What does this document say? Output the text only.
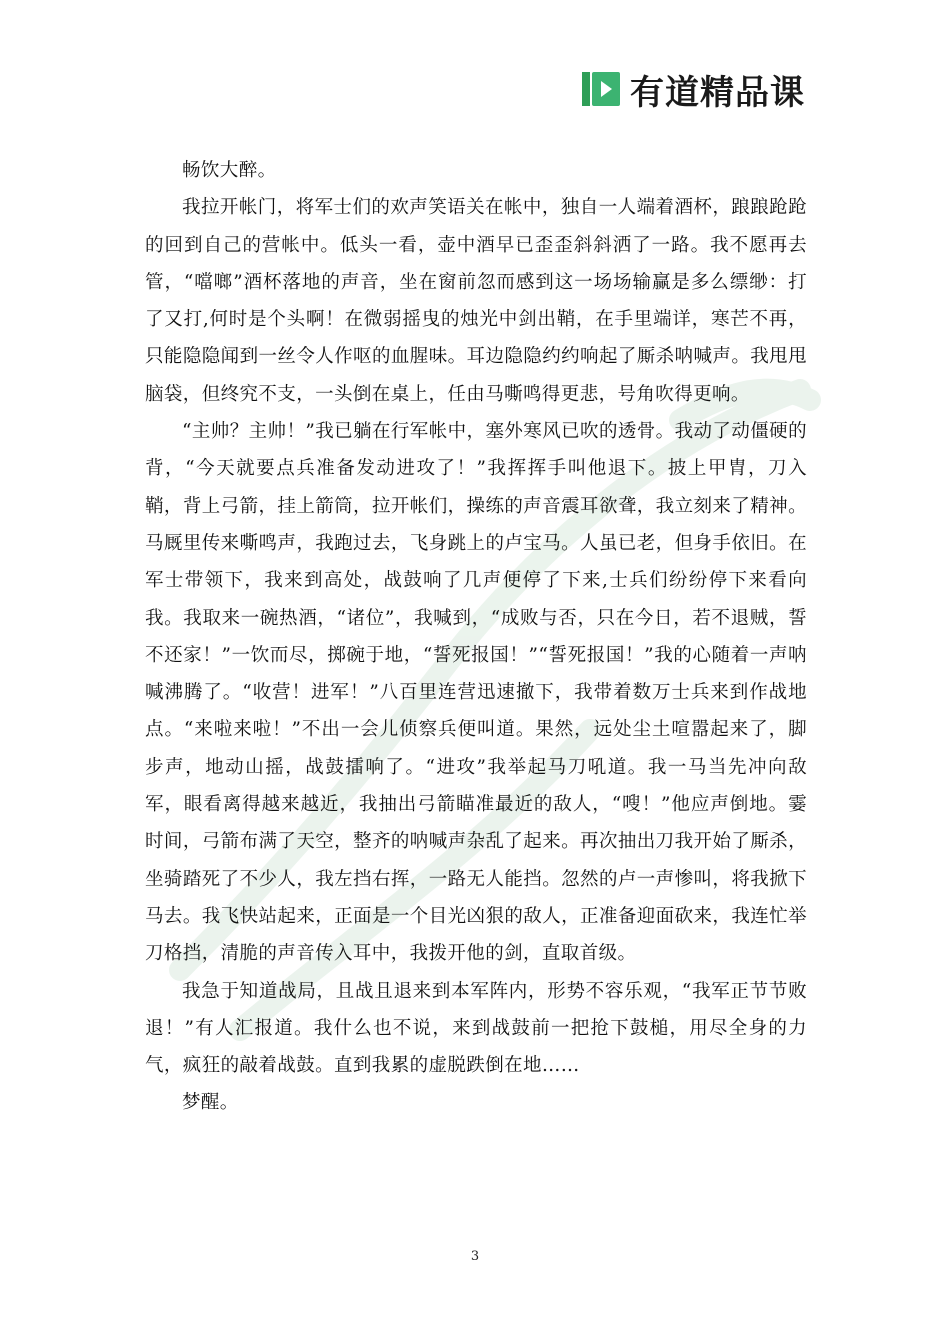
有道精品课

畅饮大醉。

我拉开帐门，将军士们的欢声笑语关在帐中，独自一人端着酒杯，踉踉跄跄的回到自己的营帐中。低头一看，壶中酒早已歪歪斜斜洒了一路。我不愿再去管，“噹啷”酒杯落地的声音，坐在窗前忽而感到这一场场输赢是多么缥缈：打了又打,何时是个头啊！在微弱摇曳的烛光中剑出鞘，在手里端详，寒芒不再，只能隐隐闻到一丝令人作呕的血腥味。耳边隐隐约约响起了厮杀呐喊声。我甩甩脑袋，但终究不支，一头倒在桌上，任由马嘶鸣得更悲，号角吹得更响。

“主帅？主帅！”我已躺在行军帐中，塞外寒风已吹的透骨。我动了动僵硬的背，“今天就要点兵准备发动进攻了！”我挥挥手叫他退下。披上甲胄，刀入鞘，背上弓箭，挂上箭筒，拉开帐们，操练的声音震耳欲聋，我立刻来了精神。马厩里传来嘶鸣声，我跑过去，飞身跳上的卢宝马。人虽已老，但身手依旧。在军士带领下，我来到高处，战鼓响了几声便停了下来,士兵们纷纷停下来看向我。我取来一碗热酒，“诸位”，我喊到，“成败与否，只在今日，若不退贼，誓不还家！”一饮而尽，掷碗于地，“誓死报国！”“誓死报国！”我的心随着一声呐喊沸腾了。“收营！进军！”八百里连营迅速撤下，我带着数万士兵来到作战地点。“来啦来啦！”不出一会儿侦察兵便叫道。果然，远处尘土喧嚣起来了，脚步声，地动山摇，战鼓擂响了。“进攻”我举起马刀吼道。我一马当先冲向敌军，眼看离得越来越近，我抽出弓箭瞄准最近的敌人，“嗖！”他应声倒地。霎时间，弓箭布满了天空，整齐的呐喊声杂乱了起来。再次抽出刀我开始了厮杀，坐骑踏死了不少人，我左挡右挥，一路无人能挡。忽然的卢一声惨叫，将我掀下马去。我飞快站起来，正面是一个目光凶狠的敌人，正准备迎面砍来，我连忙举刀格挡，清脆的声音传入耳中，我拨开他的剑，直取首级。

我急于知道战局，且战且退来到本军阵内，形势不容乐观，“我军正节节败退！”有人汇报道。我什么也不说，来到战鼓前一把抢下鼓槌，用尽全身的力气，疯狂的敲着战鼓。直到我累的虚脱跌倒在地……

梦醒。

3
